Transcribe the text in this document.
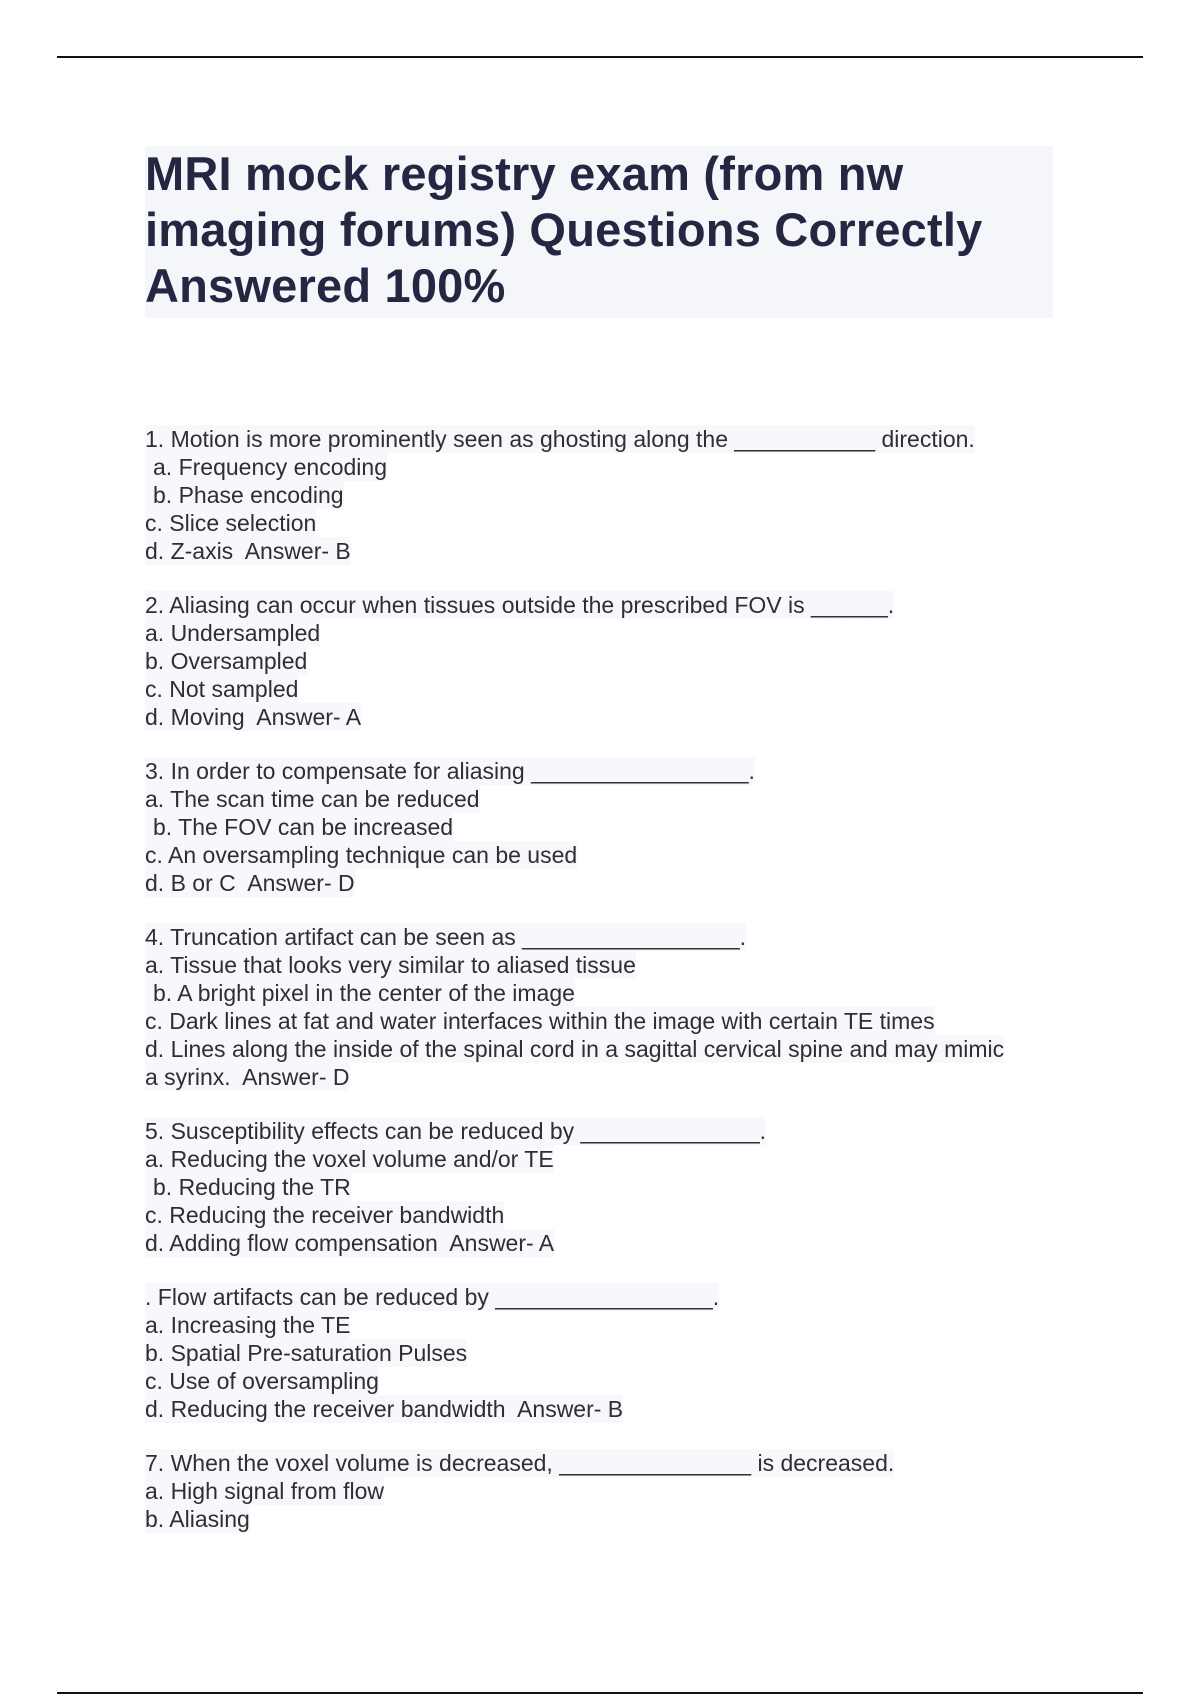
MRI mock registry exam (from nw imaging forums) Questions Correctly Answered 100%
1. Motion is more prominently seen as ghosting along the ___________ direction.
a. Frequency encoding
b. Phase encoding
c. Slice selection
d. Z-axis  Answer- B
2. Aliasing can occur when tissues outside the prescribed FOV is ______.
a. Undersampled
b. Oversampled
c. Not sampled
d. Moving  Answer- A
3. In order to compensate for aliasing _________________.
a. The scan time can be reduced
b. The FOV can be increased
c. An oversampling technique can be used
d. B or C  Answer- D
4. Truncation artifact can be seen as _________________.
a. Tissue that looks very similar to aliased tissue
b. A bright pixel in the center of the image
c. Dark lines at fat and water interfaces within the image with certain TE times
d. Lines along the inside of the spinal cord in a sagittal cervical spine and may mimic
a syrinx.  Answer- D
5. Susceptibility effects can be reduced by ______________.
a. Reducing the voxel volume and/or TE
b. Reducing the TR
c. Reducing the receiver bandwidth
d. Adding flow compensation  Answer- A
. Flow artifacts can be reduced by _________________.
a. Increasing the TE
b. Spatial Pre-saturation Pulses
c. Use of oversampling
d. Reducing the receiver bandwidth  Answer- B
7. When the voxel volume is decreased, _______________ is decreased.
a. High signal from flow
b. Aliasing
